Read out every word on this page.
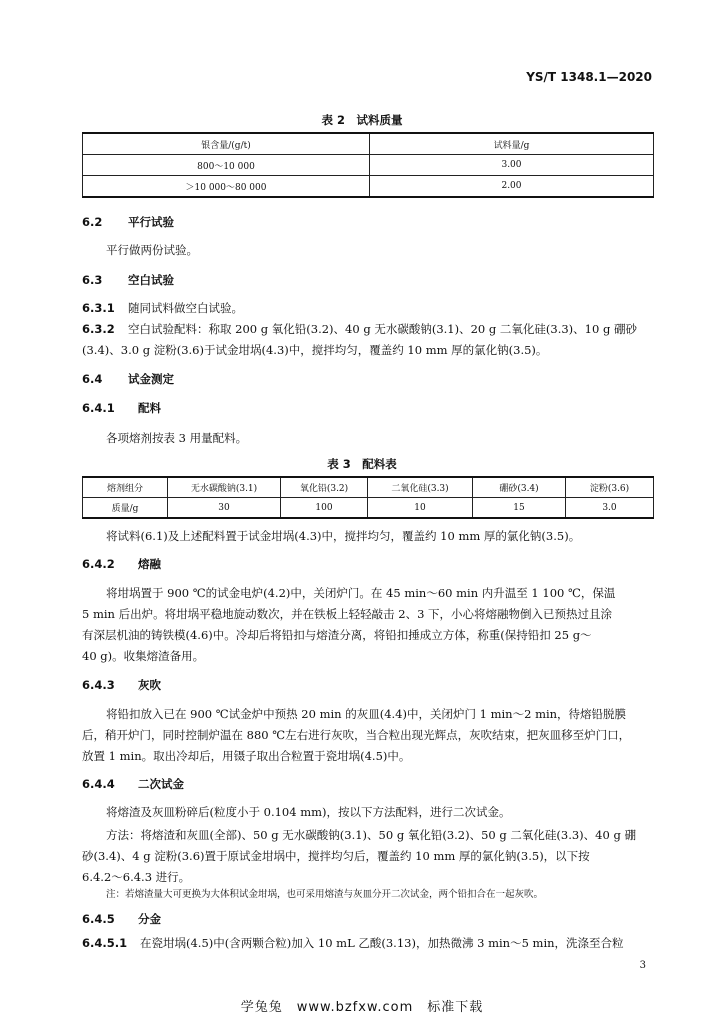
YS/T 1348.1—2020
表 2　试料质量
银含量/(g/t)	试料量/g
800～10 000	3.00
＞10 000～80 000	2.00
6.2 平行试验
平行做两份试验。
6.3 空白试验
6.3.1 随同试料做空白试验。
6.3.2 空白试验配料：称取 200 g 氧化铅(3.2)、40 g 无水碳酸钠(3.1)、20 g 二氧化硅(3.3)、10 g 硼砂
(3.4)、3.0 g 淀粉(3.6)于试金坩埚(4.3)中，搅拌均匀，覆盖约 10 mm 厚的氯化钠(3.5)。
6.4 试金测定
6.4.1 配料
各项熔剂按表 3 用量配料。
表 3　配料表
熔剂组分	无水碳酸钠(3.1)	氧化铅(3.2)	二氧化硅(3.3)	硼砂(3.4)	淀粉(3.6)
质量/g	30	100	10	15	3.0
将试料(6.1)及上述配料置于试金坩埚(4.3)中，搅拌均匀，覆盖约 10 mm 厚的氯化钠(3.5)。
6.4.2 熔融
将坩埚置于 900 ℃的试金电炉(4.2)中，关闭炉门。在 45 min～60 min 内升温至 1 100 ℃，保温
5 min 后出炉。将坩埚平稳地旋动数次，并在铁板上轻轻敲击 2、3 下，小心将熔融物倒入已预热过且涂
有深层机油的铸铁模(4.6)中。冷却后将铅扣与熔渣分离，将铅扣捶成立方体，称重(保持铅扣 25 g～
40 g)。收集熔渣备用。
6.4.3 灰吹
将铅扣放入已在 900 ℃试金炉中预热 20 min 的灰皿(4.4)中，关闭炉门 1 min～2 min，待熔铅脱膜
后，稍开炉门，同时控制炉温在 880 ℃左右进行灰吹，当合粒出现光辉点，灰吹结束，把灰皿移至炉门口，
放置 1 min。取出冷却后，用镊子取出合粒置于瓷坩埚(4.5)中。
6.4.4 二次试金
将熔渣及灰皿粉碎后(粒度小于 0.104 mm)，按以下方法配料，进行二次试金。
方法：将熔渣和灰皿(全部)、50 g 无水碳酸钠(3.1)、50 g 氧化铅(3.2)、50 g 二氧化硅(3.3)、40 g 硼
砂(3.4)、4 g 淀粉(3.6)置于原试金坩埚中，搅拌均匀后，覆盖约 10 mm 厚的氯化钠(3.5)，以下按
6.4.2～6.4.3 进行。
注：若熔渣量大可更换为大体积试金坩埚，也可采用熔渣与灰皿分开二次试金，两个铅扣合在一起灰吹。
6.4.5 分金
6.4.5.1 在瓷坩埚(4.5)中(含两颗合粒)加入 10 mL 乙酸(3.13)，加热微沸 3 min～5 min，洗涤至合粒
3
学兔兔　www.bzfxw.com　标准下载
